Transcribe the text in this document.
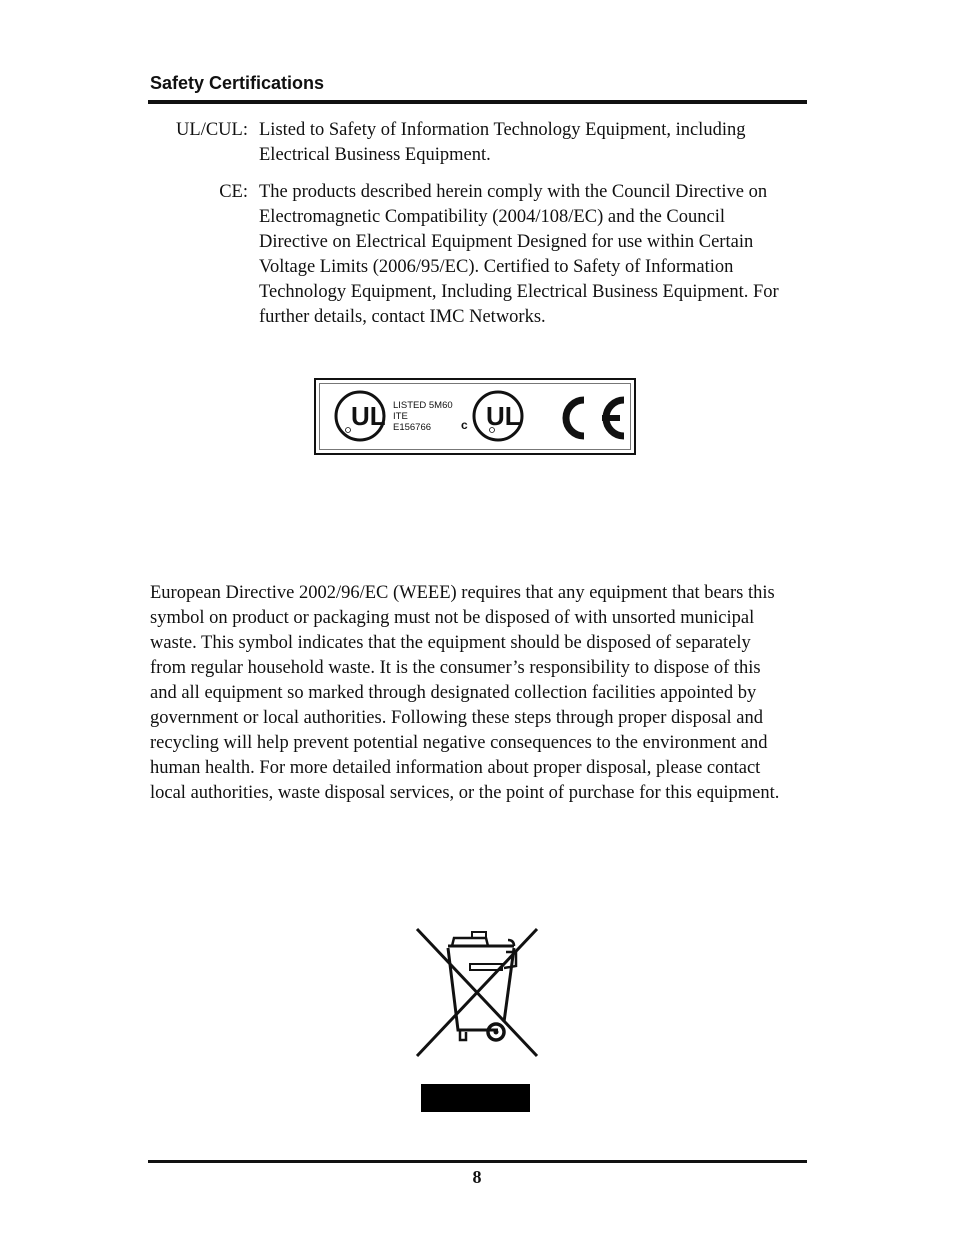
Safety Certifications
UL/CUL: Listed to Safety of Information Technology Equipment, including
Electrical Business Equipment.
CE: The products described herein comply with the Council Directive on
Electromagnetic Compatibility (2004/108/EC) and the Council
Directive on Electrical Equipment Designed for use within Certain
Voltage Limits (2006/95/EC). Certified to Safety of Information
Technology Equipment, Including Electrical Business Equipment. For
further details, contact IMC Networks.
UL LISTED 5M60
ITE
E156766	c UL
European Directive 2002/96/EC (WEEE) requires that any equipment that bears this
symbol on product or packaging must not be disposed of with unsorted municipal
waste. This symbol indicates that the equipment should be disposed of separately
from regular household waste. It is the consumer’s responsibility to dispose of this
and all equipment so marked through designated collection facilities appointed by
government or local authorities. Following these steps through proper disposal and
recycling will help prevent potential negative consequences to the environment and
human health. For more detailed information about proper disposal, please contact
local authorities, waste disposal services, or the point of purchase for this equipment.
8
